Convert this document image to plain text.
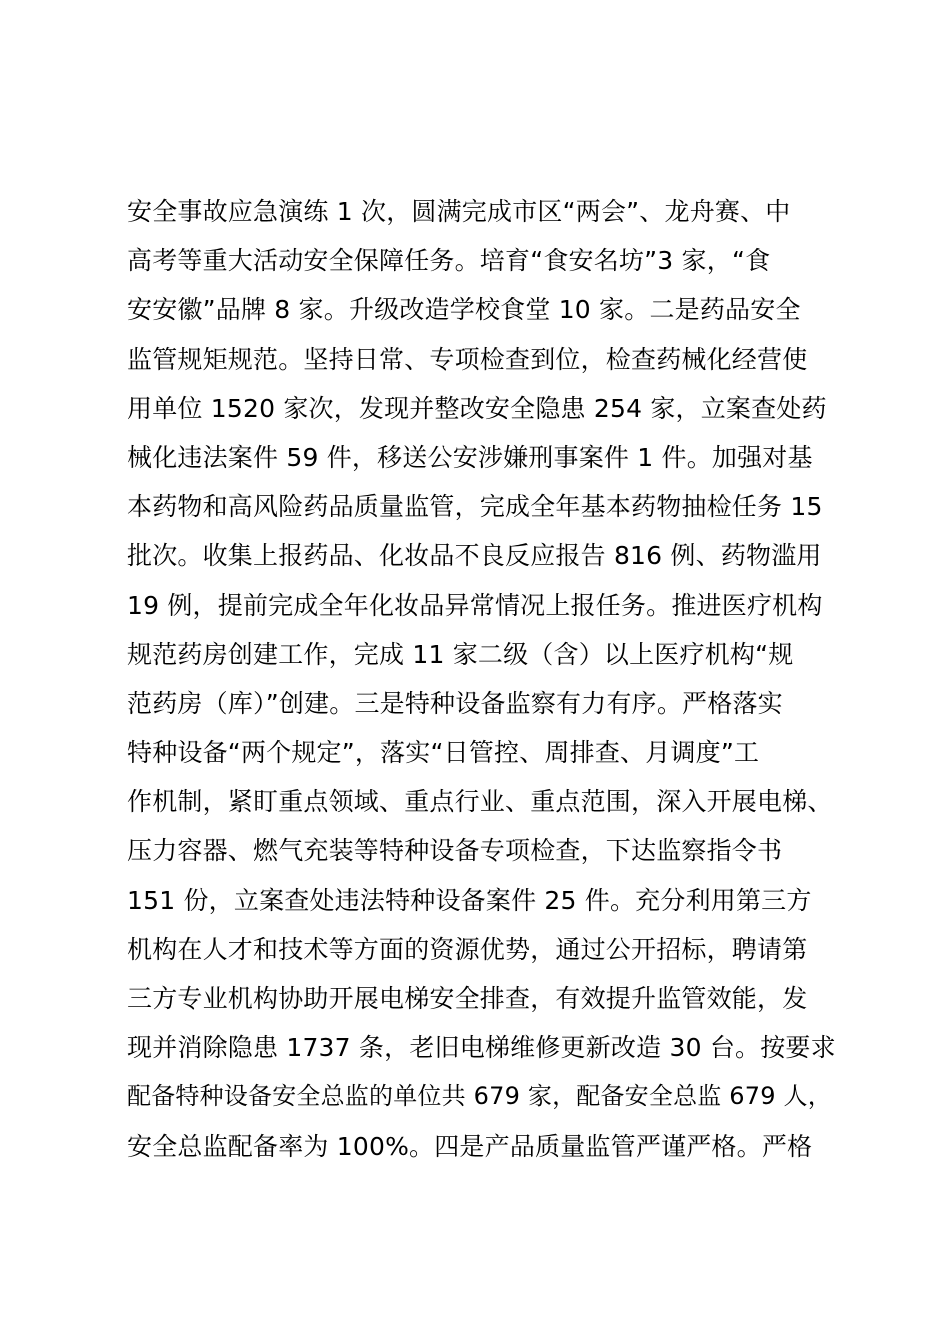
安全事故应急演练 1 次，圆满完成市区“两会”、龙舟赛、中
高考等重大活动安全保障任务。培育“食安名坊”3 家，“食
安安徽”品牌 8 家。升级改造学校食堂 10 家。二是药品安全
监管规矩规范。坚持日常、专项检查到位，检查药械化经营使
用单位 1520 家次，发现并整改安全隐患 254 家，立案查处药
械化违法案件 59 件，移送公安涉嫌刑事案件 1 件。加强对基
本药物和高风险药品质量监管，完成全年基本药物抽检任务 15
批次。收集上报药品、化妆品不良反应报告 816 例、药物滥用
19 例，提前完成全年化妆品异常情况上报任务。推进医疗机构
规范药房创建工作，完成 11 家二级（含）以上医疗机构“规
范药房（库）”创建。三是特种设备监察有力有序。严格落实
特种设备“两个规定”，落实“日管控、周排查、月调度”工
作机制，紧盯重点领域、重点行业、重点范围，深入开展电梯、
压力容器、燃气充装等特种设备专项检查，下达监察指令书
151 份，立案查处违法特种设备案件 25 件。充分利用第三方
机构在人才和技术等方面的资源优势，通过公开招标，聘请第
三方专业机构协助开展电梯安全排查，有效提升监管效能，发
现并消除隐患 1737 条，老旧电梯维修更新改造 30 台。按要求
配备特种设备安全总监的单位共 679 家，配备安全总监 679 人，
安全总监配备率为 100%。四是产品质量监管严谨严格。严格
